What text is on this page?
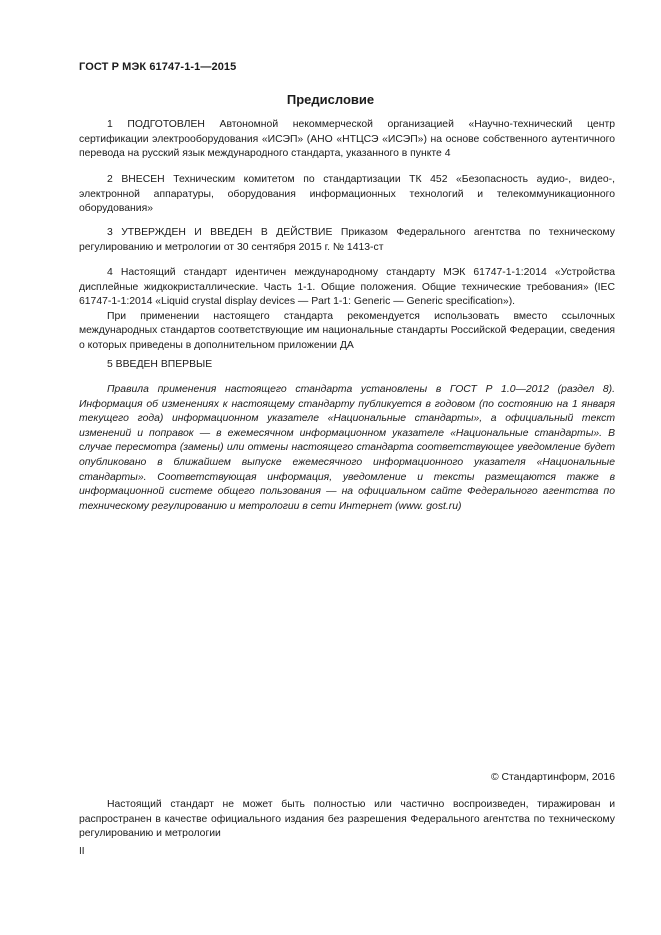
ГОСТ Р МЭК 61747-1-1—2015
Предисловие

1 ПОДГОТОВЛЕН Автономной некоммерческой организацией «Научно-технический центр сертификации электрооборудования «ИСЭП» (АНО «НТЦСЭ «ИСЭП») на основе собственного аутентичного перевода на русский язык международного стандарта, указанного в пункте 4

2 ВНЕСЕН Техническим комитетом по стандартизации ТК 452 «Безопасность аудио-, видео-, электронной аппаратуры, оборудования информационных технологий и телекоммуникационного оборудования»

3 УТВЕРЖДЕН И ВВЕДЕН В ДЕЙСТВИЕ Приказом Федерального агентства по техническому регулированию и метрологии от 30 сентября 2015 г. № 1413-ст

4 Настоящий стандарт идентичен международному стандарту МЭК 61747-1-1:2014 «Устройства дисплейные жидкокристаллические. Часть 1-1. Общие положения. Общие технические требования» (IEC 61747-1-1:2014 «Liquid crystal display devices — Part 1-1: Generic — Generic specification»).

При применении настоящего стандарта рекомендуется использовать вместо ссылочных международных стандартов соответствующие им национальные стандарты Российской Федерации, сведения о которых приведены в дополнительном приложении ДА

5 ВВЕДЕН ВПЕРВЫЕ

Правила применения настоящего стандарта установлены в ГОСТ Р 1.0—2012 (раздел 8). Информация об изменениях к настоящему стандарту публикуется в годовом (по состоянию на 1 января текущего года) информационном указателе «Национальные стандарты», а официальный текст изменений и поправок — в ежемесячном информационном указателе «Национальные стандарты». В случае пересмотра (замены) или отмены настоящего стандарта соответствующее уведомление будет опубликовано в ближайшем выпуске ежемесячного информационного указателя «Национальные стандарты». Соответствующая информация, уведомление и тексты размещаются также в информационной системе общего пользования — на официальном сайте Федерального агентства по техническому регулированию и метрологии в сети Интернет (www. gost.ru)

© Стандартинформ, 2016

Настоящий стандарт не может быть полностью или частично воспроизведен, тиражирован и распространен в качестве официального издания без разрешения Федерального агентства по техническому регулированию и метрологии

II
